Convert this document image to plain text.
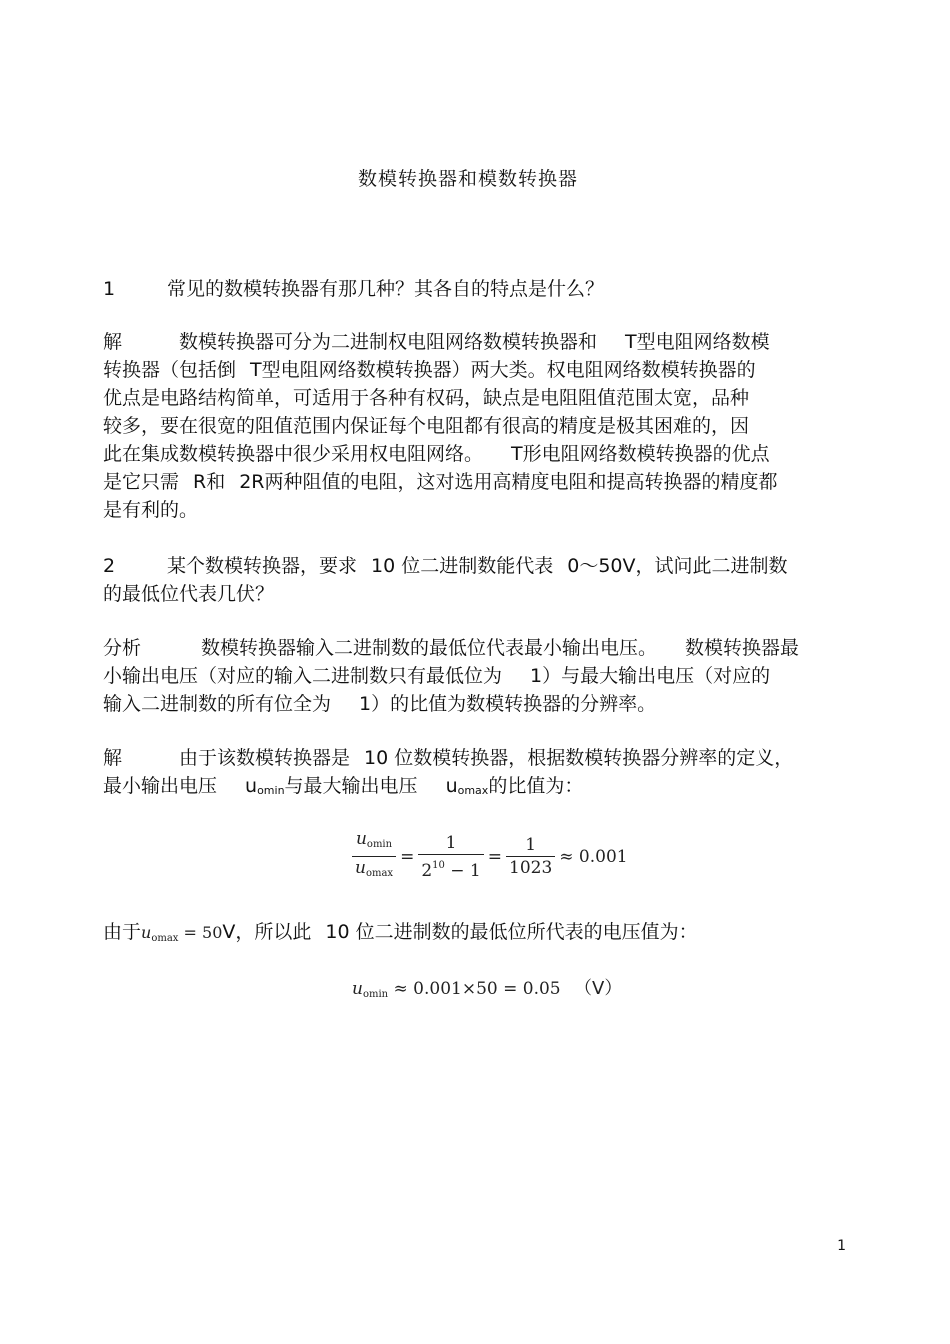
数模转换器和模数转换器
1	常见的数模转换器有那几种？其各自的特点是什么？
解	数模转换器可分为二进制权电阻网络数模转换器和 T型电阻网络数模
转换器（包括倒 T型电阻网络数模转换器）两大类。权电阻网络数模转换器的
优点是电路结构简单，可适用于各种有权码，缺点是电阻阻值范围太宽，品种
较多，要在很宽的阻值范围内保证每个电阻都有很高的精度是极其困难的，因
此在集成数模转换器中很少采用权电阻网络。 T形电阻网络数模转换器的优点
是它只需 R和 2R两种阻值的电阻，这对选用高精度电阻和提高转换器的精度都
是有利的。
2	某个数模转换器，要求 10 位二进制数能代表 0～50V，试问此二进制数
的最低位代表几伏？
分析	数模转换器输入二进制数的最低位代表最小输出电压。 数模转换器最
小输出电压（对应的输入二进制数只有最低位为 1）与最大输出电压（对应的
输入二进制数的所有位全为 1）的比值为数模转换器的分辨率。
解	由于该数模转换器是 10 位数模转换器，根据数模转换器分辨率的定义，
最小输出电压 uomin与最大输出电压 uomax的比值为：
$\frac{uomin}{uomax} = \frac{1}{2^{10} - 1} = \frac{1}{1023} \approx 0.001$
由于uomax = 50V，所以此 10 位二进制数的最低位所代表的电压值为：
uomin ≈ 0.001×50 = 0.05 （V）
1
